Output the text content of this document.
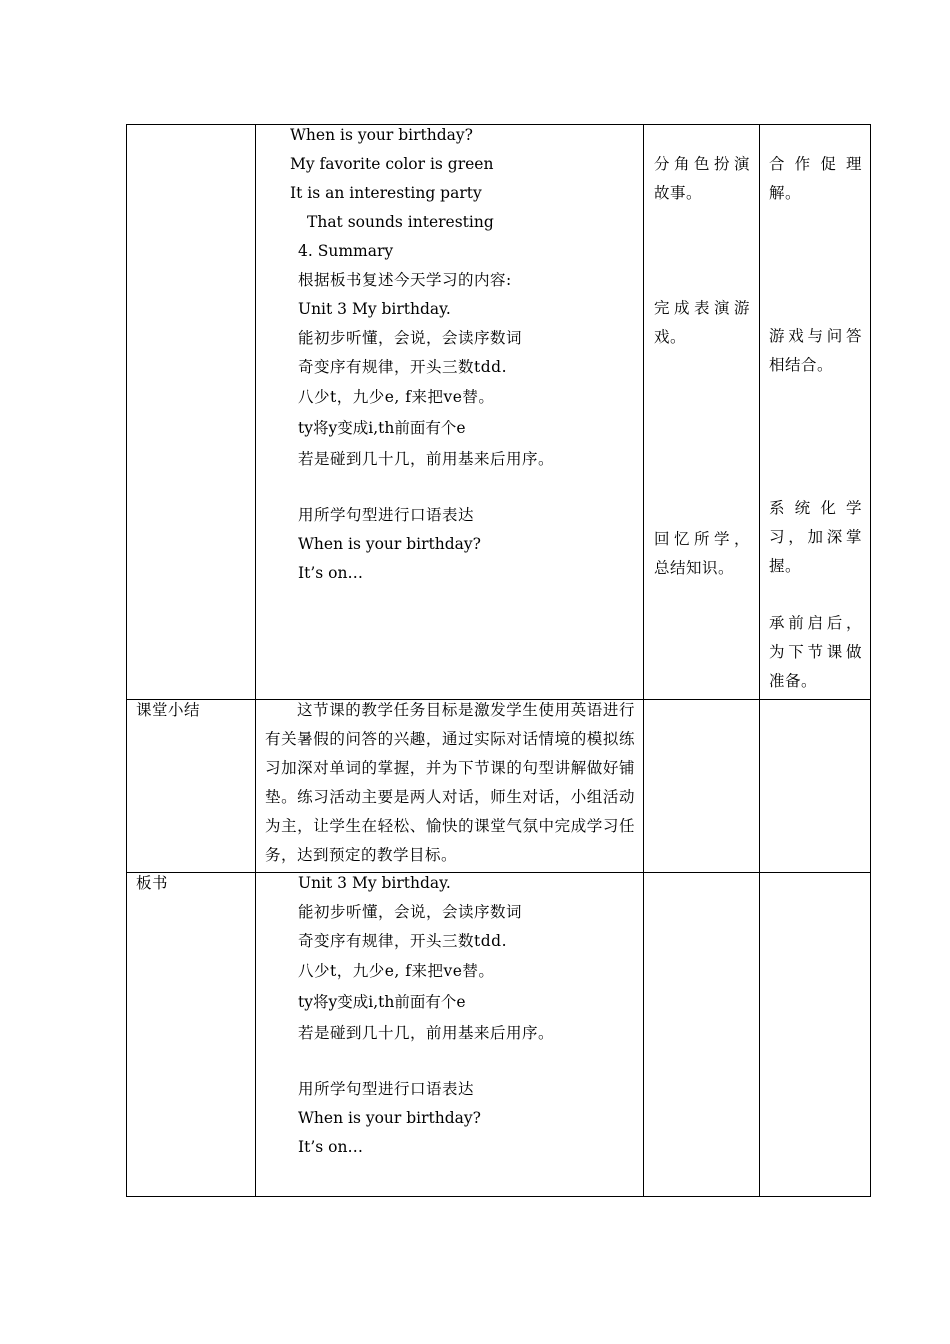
When is your birthday?
My favorite color is green
It is an interesting party
That sounds interesting
4. Summary
根据板书复述今天学习的内容:
Unit 3 My birthday.
能初步听懂，会说，会读序数词
奇变序有规律，开头三数tdd.
八少t，九少e, f来把ve替。
ty将y变成i,th前面有个e
若是碰到几十几，前用基来后用序。
用所学句型进行口语表达
When is your birthday?
It’s on…
分角色扮演
故事。
完成表演游
戏。
回忆所学，
总结知识。
合作促理
解。
游戏与问答
相结合。
系统化学
习，加深掌
握。
承前启后，
为下节课做
准备。
课堂小结	这节课的教学任务目标是激发学生使用英语进行有关暑假的问答的兴趣，通过实际对话情境的模拟练习加深对单词的掌握，并为下节课的句型讲解做好铺垫。练习活动主要是两人对话，师生对话，小组活动为主，让学生在轻松、愉快的课堂气氛中完成学习任务，达到预定的教学目标。
板书	Unit 3 My birthday.
能初步听懂，会说，会读序数词
奇变序有规律，开头三数tdd.
八少t，九少e, f来把ve替。
ty将y变成i,th前面有个e
若是碰到几十几，前用基来后用序。
用所学句型进行口语表达
When is your birthday?
It’s on…
